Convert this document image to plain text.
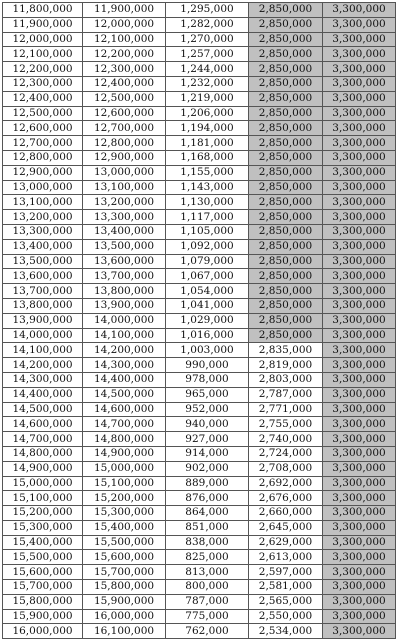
11,800,000	11,900,000	1,295,000	2,850,000	3,300,000
11,900,000	12,000,000	1,282,000	2,850,000	3,300,000
12,000,000	12,100,000	1,270,000	2,850,000	3,300,000
12,100,000	12,200,000	1,257,000	2,850,000	3,300,000
12,200,000	12,300,000	1,244,000	2,850,000	3,300,000
12,300,000	12,400,000	1,232,000	2,850,000	3,300,000
12,400,000	12,500,000	1,219,000	2,850,000	3,300,000
12,500,000	12,600,000	1,206,000	2,850,000	3,300,000
12,600,000	12,700,000	1,194,000	2,850,000	3,300,000
12,700,000	12,800,000	1,181,000	2,850,000	3,300,000
12,800,000	12,900,000	1,168,000	2,850,000	3,300,000
12,900,000	13,000,000	1,155,000	2,850,000	3,300,000
13,000,000	13,100,000	1,143,000	2,850,000	3,300,000
13,100,000	13,200,000	1,130,000	2,850,000	3,300,000
13,200,000	13,300,000	1,117,000	2,850,000	3,300,000
13,300,000	13,400,000	1,105,000	2,850,000	3,300,000
13,400,000	13,500,000	1,092,000	2,850,000	3,300,000
13,500,000	13,600,000	1,079,000	2,850,000	3,300,000
13,600,000	13,700,000	1,067,000	2,850,000	3,300,000
13,700,000	13,800,000	1,054,000	2,850,000	3,300,000
13,800,000	13,900,000	1,041,000	2,850,000	3,300,000
13,900,000	14,000,000	1,029,000	2,850,000	3,300,000
14,000,000	14,100,000	1,016,000	2,850,000	3,300,000
14,100,000	14,200,000	1,003,000	2,835,000	3,300,000
14,200,000	14,300,000	990,000	2,819,000	3,300,000
14,300,000	14,400,000	978,000	2,803,000	3,300,000
14,400,000	14,500,000	965,000	2,787,000	3,300,000
14,500,000	14,600,000	952,000	2,771,000	3,300,000
14,600,000	14,700,000	940,000	2,755,000	3,300,000
14,700,000	14,800,000	927,000	2,740,000	3,300,000
14,800,000	14,900,000	914,000	2,724,000	3,300,000
14,900,000	15,000,000	902,000	2,708,000	3,300,000
15,000,000	15,100,000	889,000	2,692,000	3,300,000
15,100,000	15,200,000	876,000	2,676,000	3,300,000
15,200,000	15,300,000	864,000	2,660,000	3,300,000
15,300,000	15,400,000	851,000	2,645,000	3,300,000
15,400,000	15,500,000	838,000	2,629,000	3,300,000
15,500,000	15,600,000	825,000	2,613,000	3,300,000
15,600,000	15,700,000	813,000	2,597,000	3,300,000
15,700,000	15,800,000	800,000	2,581,000	3,300,000
15,800,000	15,900,000	787,000	2,565,000	3,300,000
15,900,000	16,000,000	775,000	2,550,000	3,300,000
16,000,000	16,100,000	762,000	2,534,000	3,300,000
